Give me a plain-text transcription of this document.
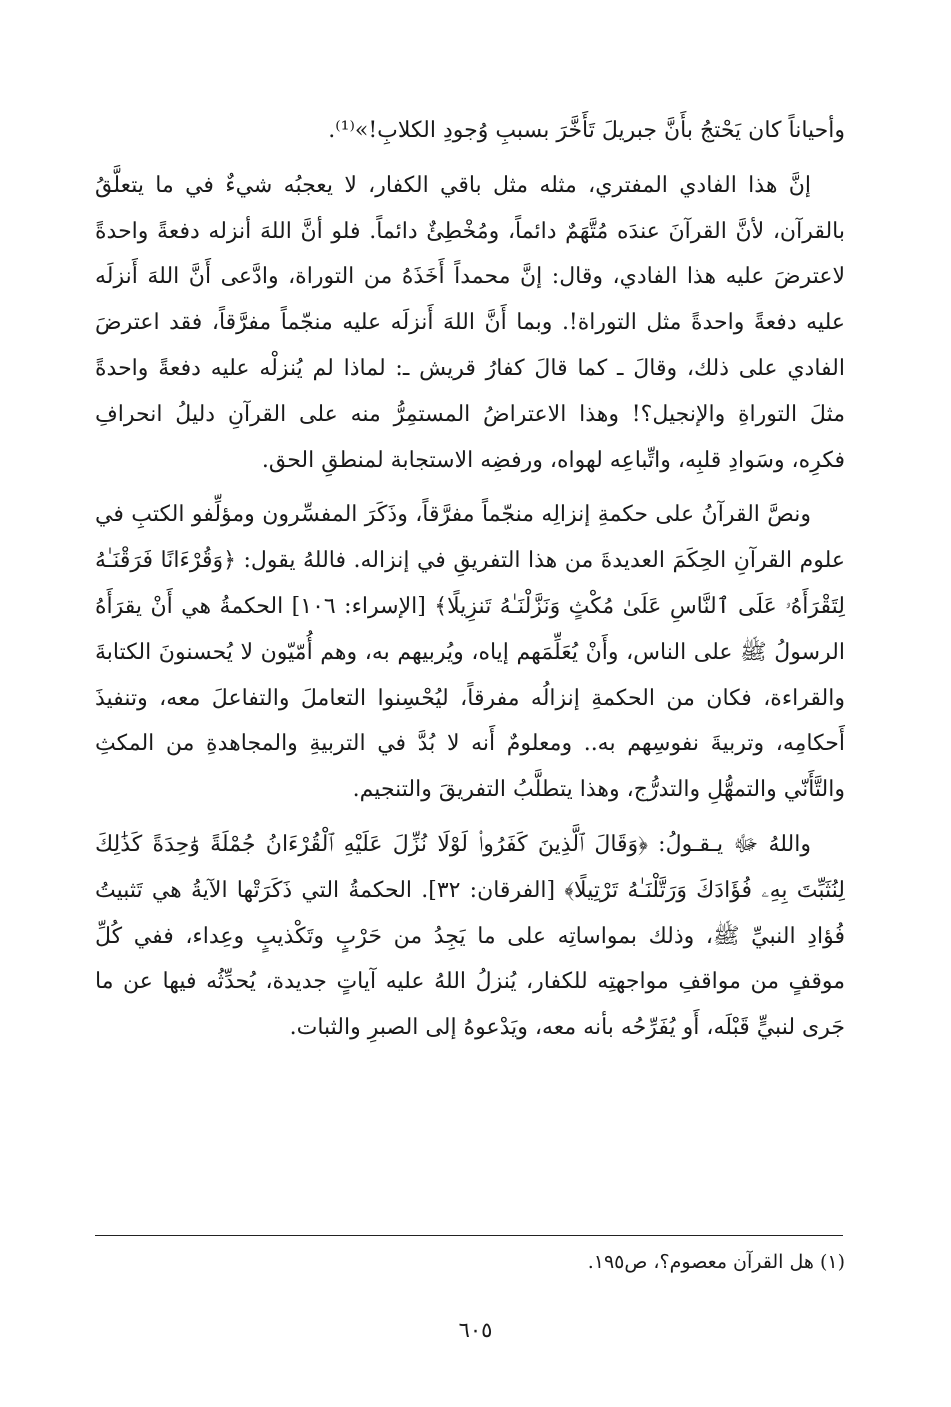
وأحياناً كان يَحْتجُ بأَنَّ جبريلَ تَأَخَّرَ بسببِ وُجودِ الكلابِ!»⁽¹⁾.

إنَّ هذا الفادي المفتري، مثله مثل باقي الكفار، لا يعجبُه شيءٌ في ما يتعلَّقُ بالقرآن، لأنَّ القرآنَ عندَه مُتَّهَمٌ دائماً، ومُخْطِئٌ دائماً. فلو أنَّ اللهَ أنزله دفعةً واحدةً لاعترضَ عليه هذا الفادي، وقال: إنَّ محمداً أَخَذَهُ من التوراة، وادَّعى أَنَّ اللهَ أَنزلَه عليه دفعةً واحدةً مثل التوراة!. وبما أَنَّ اللهَ أَنزلَه عليه منجّماً مفرَّقاً، فقد اعترضَ الفادي على ذلك، وقالَ ـ كما قالَ كفارُ قريش ـ: لماذا لم يُنزلْه عليه دفعةً واحدةً مثلَ التوراةِ والإنجيل؟! وهذا الاعتراضُ المستمِرُّ منه على القرآنِ دليلُ انحرافِ فكرِه، وسَوادِ قلبِه، واتِّباعِه لهواه، ورفضِه الاستجابة لمنطقِ الحق.

ونصَّ القرآنُ على حكمةِ إنزالِه منجّماً مفرَّقاً، وذَكَرَ المفسِّرون ومؤلِّفو الكتبِ في علوم القرآنِ الحِكَمَ العديدةَ من هذا التفريقِ في إنزاله. فاللهُ يقول: ﴿وَقُرْءَانًا فَرَقْنَـٰهُ لِتَقْرَأَهُۥ عَلَى ٱلنَّاسِ عَلَىٰ مُكْثٍ وَنَزَّلْنَـٰهُ تَنزِيلًا﴾ [الإسراء: ١٠٦] الحكمةُ هي أَنْ يقرَأَهُ الرسولُ ﷺ على الناس، وأَنْ يُعَلِّمَهم إياه، ويُربيهم به، وهم أُمّيّون لا يُحسنونَ الكتابةَ والقراءة، فكان من الحكمةِ إنزالُه مفرقاً، ليُحْسِنوا التعاملَ والتفاعلَ معه، وتنفيذَ أَحكامِه، وتربيةَ نفوسِهم به.. ومعلومٌ أَنه لا بُدَّ في التربيةِ والمجاهدةِ من المكثِ والتَّأَنّي والتمهُّلِ والتدرُّج، وهذا يتطلَّبُ التفريقَ والتنجيم.

واللهُ ﷻ يـقـولُ: ﴿وَقَالَ ٱلَّذِينَ كَفَرُوا۟ لَوْلَا نُزِّلَ عَلَيْهِ ٱلْقُرْءَانُ جُمْلَةً وَٰحِدَةً كَذَٰلِكَ لِنُثَبِّتَ بِهِۦ فُؤَادَكَ وَرَتَّلْنَـٰهُ تَرْتِيلًا﴾ [الفرقان: ٣٢]. الحكمةُ التي ذَكَرَتْها الآيةُ هي تَثبيتُ فُؤادِ النبيِّ ﷺ، وذلك بمواساتِه على ما يَجِدُ من حَرْبٍ وتَكْذيبٍ وعِداء، ففي كُلِّ موقفٍ من مواقفِ مواجهتِه للكفار، يُنزلُ اللهُ عليه آياتٍ جديدة، يُحدِّثُه فيها عن ما جَرى لنبيٍّ قَبْلَه، أَو يُفَرِّحُه بأنه معه، ويَدْعوهُ إلى الصبرِ والثبات.

(١) هل القرآن معصوم؟، ص١٩٥.
٦٠٥
